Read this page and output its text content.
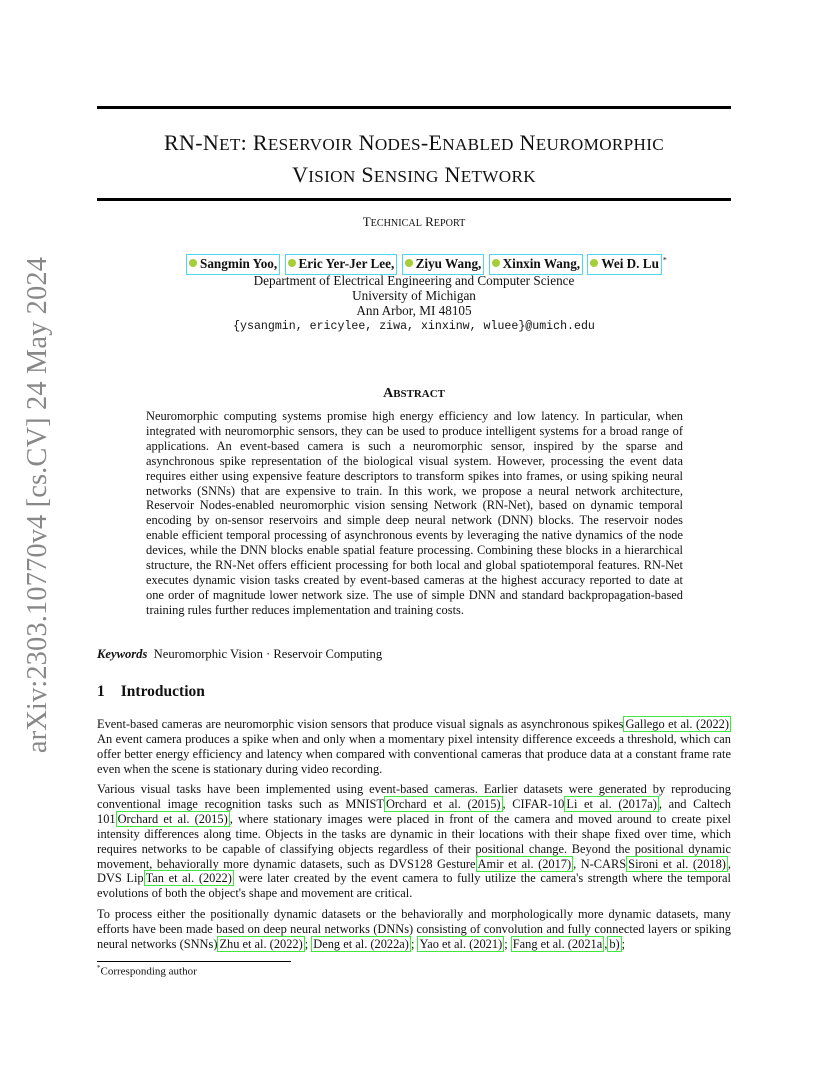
arXiv:2303.10770v4 [cs.CV] 24 May 2024
RN-NET: RESERVOIR NODES-ENABLED NEUROMORPHIC
VISION SENSING NETWORK
TECHNICAL REPORT
Sangmin Yoo, Eric Yer-Jer Lee, Ziyu Wang, Xinxin Wang, Wei D. Lu *
Department of Electrical Engineering and Computer Science
University of Michigan
Ann Arbor, MI 48105
{ysangmin, ericylee, ziwa, xinxinw, wluee}@umich.edu
ABSTRACT
Neuromorphic computing systems promise high energy efficiency and low latency. In particular, when integrated with neuromorphic sensors, they can be used to produce intelligent systems for a broad range of applications. An event-based camera is such a neuromorphic sensor, inspired by the sparse and asynchronous spike representation of the biological visual system. However, processing the event data requires either using expensive feature descriptors to transform spikes into frames, or using spiking neural networks (SNNs) that are expensive to train. In this work, we propose a neural network architecture, Reservoir Nodes-enabled neuromorphic vision sensing Network (RN-Net), based on dynamic temporal encoding by on-sensor reservoirs and simple deep neural network (DNN) blocks. The reservoir nodes enable efficient temporal processing of asynchronous events by leveraging the native dynamics of the node devices, while the DNN blocks enable spatial feature processing. Combining these blocks in a hierarchical structure, the RN-Net offers efficient processing for both local and global spatiotemporal features. RN-Net executes dynamic vision tasks created by event-based cameras at the highest accuracy reported to date at one order of magnitude lower network size. The use of simple DNN and standard backpropagation-based training rules further reduces implementation and training costs.
Keywords Neuromorphic Vision · Reservoir Computing
1 Introduction
Event-based cameras are neuromorphic vision sensors that produce visual signals as asynchronous spikes Gallego et al. (2022) An event camera produces a spike when and only when a momentary pixel intensity difference exceeds a threshold, which can offer better energy efficiency and latency when compared with conventional cameras that produce data at a constant frame rate even when the scene is stationary during video recording.
Various visual tasks have been implemented using event-based cameras. Earlier datasets were generated by reproducing conventional image recognition tasks such as MNIST Orchard et al. (2015) , CIFAR-10 Li et al. (2017a) , and Caltech 101 Orchard et al. (2015) , where stationary images were placed in front of the camera and moved around to create pixel intensity differences along time. Objects in the tasks are dynamic in their locations with their shape fixed over time, which requires networks to be capable of classifying objects regardless of their positional change. Beyond the positional dynamic movement, behaviorally more dynamic datasets, such as DVS128 Gesture Amir et al. (2017) , N-CARS Sironi et al. (2018) , DVS Lip Tan et al. (2022) were later created by the event camera to fully utilize the camera's strength where the temporal evolutions of both the object's shape and movement are critical.
To process either the positionally dynamic datasets or the behaviorally and morphologically more dynamic datasets, many efforts have been made based on deep neural networks (DNNs) consisting of convolution and fully connected layers or spiking neural networks (SNNs) Zhu et al. (2022) ; Deng et al. (2022a) ; Yao et al. (2021) ; Fang et al. (2021a , b) ;
*Corresponding author
